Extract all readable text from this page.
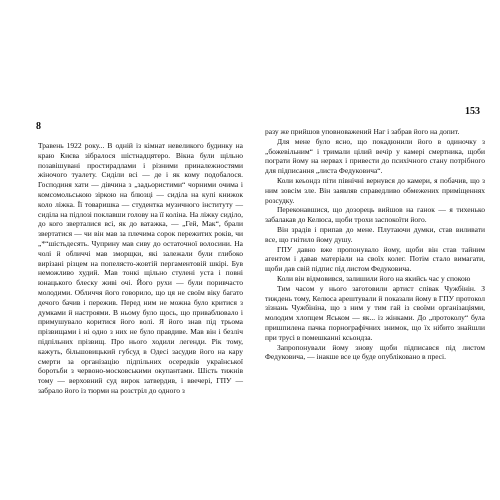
8

Травень 1922 року... В одній із кімнат невеликого будинку на краю Києва зібралося шістнадцятеро. Вікна були щільно позавішувані простирадлами і різними приналежностями жіночого туалету. Сиділи всі — де і як кому подобалося. Господиня хати — дівчина з „задьористими“ чорними очима і комсомольською зіркою на блюзці — сиділа на купі книжок коло ліжка. Її товаришка — студентка музичного інституту — сиділа на підлозі поклавши голову на її коліна. На ліжку сиділо, до кого зверталися всі, як до ватажка, — „Гей, Мак“, брали звертатися — чи він мав за плечима сорок пережитих років, чи „*“шістьдесять. Чуприну мав сиву до остаточної волосини. На чолі й обличчі мав зморщки, які залежали були глибоко вирізані різцем на попелясто-жовтій пергаментовій шкірі. Був неможливо худий. Мав тонкі щільно стулені уста і повні юнацького блеску живі очі. Його рухи — були поривчасто молодими. Обличчя його говорило, що ця не своїм віку багато дечого бачив і пережив. Перед ним не можна було критися з думками й настроями. В ньому було щось, що приваблювало і примушувало коритися його волі. Я його знав під трьома прізвищами і ні одно з них не було правдиве. Мав він і безліч підпільних прізвищ. Про нього ходили легенди. Рік тому, кажуть, більшовицький губсуд в Одесі засудив його на кару смерти за організацію підпільних осередків української боротьби з червоно-московськими окупантами. Шість тижнів тому — верховний суд вирок затвердив, і ввечері, ГПУ — забрало його із тюрми на розстріл до одного з

153

разу же прийшов уповноважений Наг і забрав його на допит.

Для мене було ясно, що покадюнили його в одиночку з „божевільним“ і тримали цілий вечір у камері смертника, щоби пограти йому на нервах і привести до психічного стану потрібного для підписання „листа Федуковича“.

Коли кеьондз піти північні вернувся до камери, я побачив, що з ним зовсім зле. Він заявляв справедливо обмежених приміщеннях розсудку.

Переконавшися, що дозорець вийшов на ганок — я тихенько забалакав до Келюса, щоби трохи заспокоїти його.

Він зрадів і припав до мене. Плутаючи думки, став виливати все, що гнітило йому душу.

ГПУ давно вже пропонувало йому, щоби він став тайним агентом і давав матеріали на своїх колег. Потім стало вимагати, щоби дав свій підпис під листом Федуковича.

Коли він відмовився, залишили його на якийсь час у спокою

Тим часом у нього заготовили артист співак Чужбінін. З тиждень тому, Келюса арештували й показали йому в ГПУ протокол зізнань Чужбініна, що з ним у тим гай із своїми організаціями, молодим хлопцем Яськом — як... із жінками. До „протоколу“ була пришпилена пачка порнографічних знимок, що їх нібито знайшли при трусі в помешканні ксьондза.

Запропонували йому знову щоби підписався під листом Федуковича, — інакше все це буде опубліковано в пресі.
